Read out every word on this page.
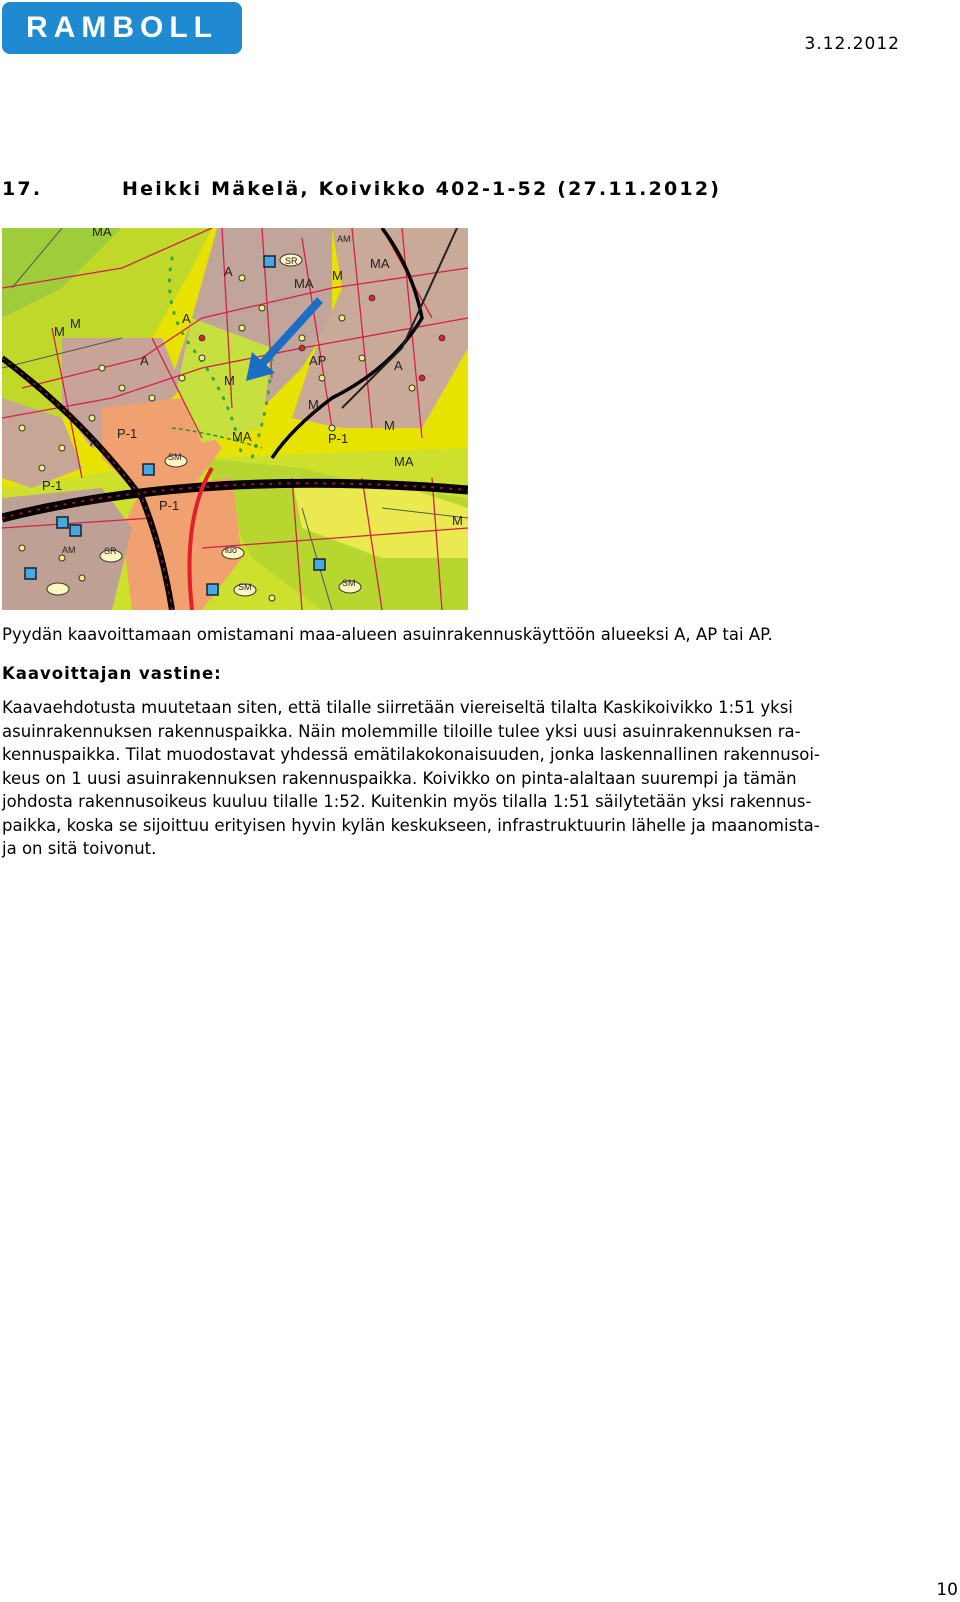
RAMBOLL	3.12.2012
17.	Heikki Mäkelä, Koivikko 402-1-52 (27.11.2012)
MA
A
SR
MA
M
AM
MA
A
M	A
AP	A
M
A
M
MA
P-1
M
P-1
SM
P-1
MA
P-1
AM	SR	luo
SM	SM
M
M
Pyydän kaavoittamaan omistamani maa-alueen asuinrakennuskäyttöön alueeksi A, AP tai AP.
Kaavoittajan vastine:

Kaavaehdotusta muutetaan siten, että tilalle siirretään viereiseltä tilalta Kaskikoivikko 1:51 yksi
asuinrakennuksen rakennuspaikka. Näin molemmille tiloille tulee yksi uusi asuinrakennuksen ra-
kennuspaikka. Tilat muodostavat yhdessä emätilakokonaisuuden, jonka laskennallinen rakennusoi-
keus on 1 uusi asuinrakennuksen rakennuspaikka. Koivikko on pinta-alaltaan suurempi ja tämän
johdosta rakennusoikeus kuuluu tilalle 1:52. Kuitenkin myös tilalla 1:51 säilytetään yksi rakennus-
paikka, koska se sijoittuu erityisen hyvin kylän keskukseen, infrastruktuurin lähelle ja maanomista-
ja on sitä toivonut.

10
